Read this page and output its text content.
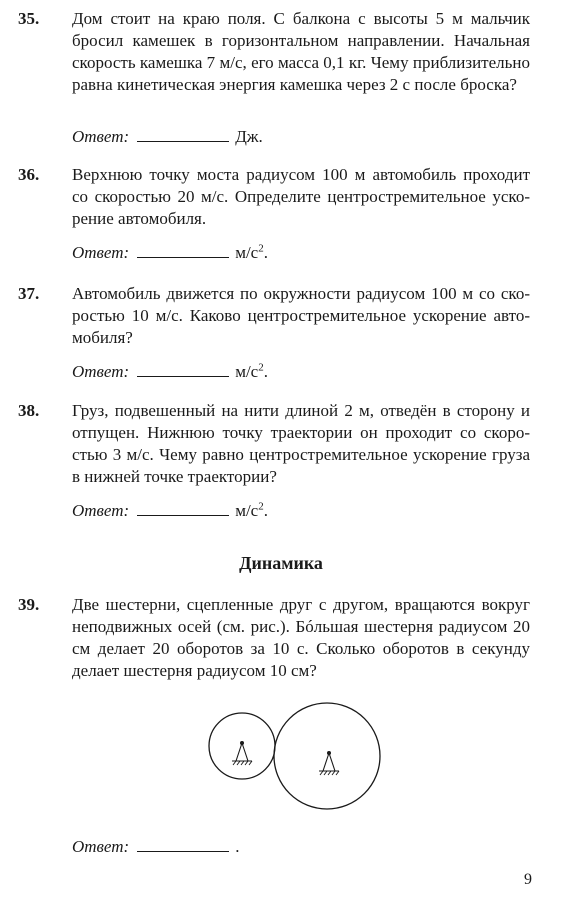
35. Дом стоит на краю поля. С балкона с высоты 5 м мальчик бросил камешек в горизонтальном направлении. Начальная скорость камешка 7 м/с, его масса 0,1 кг. Чему приблизительно равна кинетическая энергия камешка через 2 с после броска?
Ответ:	Дж.
36. Верхнюю точку моста радиусом 100 м автомобиль проходит со скоростью 20 м/с. Определите центростремительное ускорение автомобиля.
Ответ:	$м/с^2$.
37. Автомобиль движется по окружности радиусом 100 м со скоростью 10 м/с. Каково центростремительное ускорение автомобиля?
Ответ:	$м/с^2$.
38. Груз, подвешенный на нити длиной 2 м, отведён в сторону и отпущен. Нижнюю точку траектории он проходит со скоростью 3 м/с. Чему равно центростремительное ускорение груза в нижней точке траектории?
Ответ:	$м/с^2$.
Динамика
39. Две шестерни, сцепленные друг с другом, вращаются вокруг неподвижных осей (см. рис.). Бóльшая шестерня радиусом 20 см делает 20 оборотов за 10 с. Сколько оборотов в секунду делает шестерня радиусом 10 см?
Ответ:	.
9
